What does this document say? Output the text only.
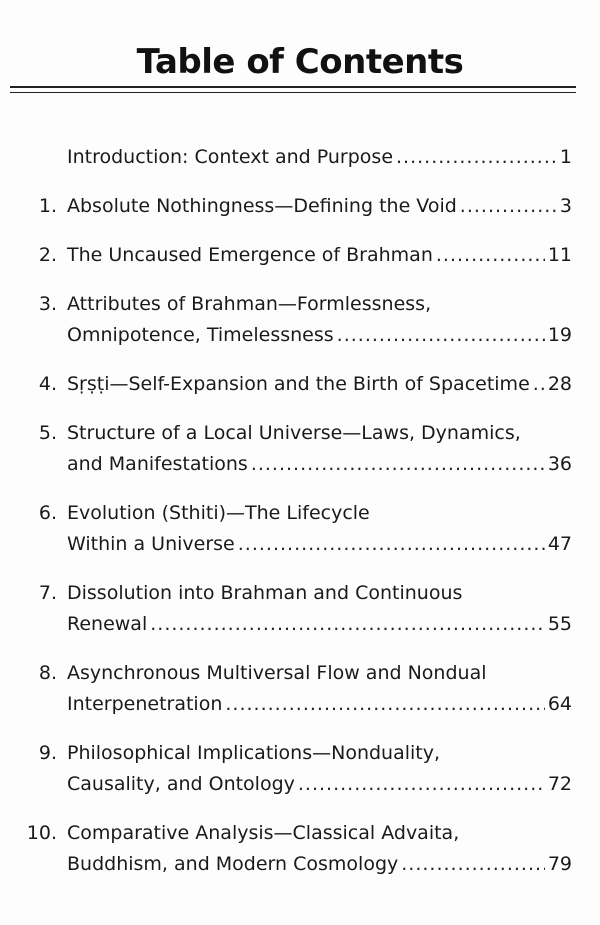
Table of Contents
Introduction: Context and Purpose .....	1
1. Absolute Nothingness—Defining the Void .....	3
2. The Uncaused Emergence of Brahman .....	11
3. Attributes of Brahman—Formlessness,
Omnipotence, Timelessness .....	19
4. Sṛṣṭi—Self-Expansion and the Birth of Spacetime ..... 28
5. Structure of a Local Universe—Laws, Dynamics,
and Manifestations .....	36
6. Evolution (Sthiti)—The Lifecycle
Within a Universe .....	47
7. Dissolution into Brahman and Continuous
Renewal .....	55
8. Asynchronous Multiversal Flow and Nondual
Interpenetration .....	64
9. Philosophical Implications—Nonduality,
Causality, and Ontology .....	72
10. Comparative Analysis—Classical Advaita,
Buddhism, and Modern Cosmology .....	79
